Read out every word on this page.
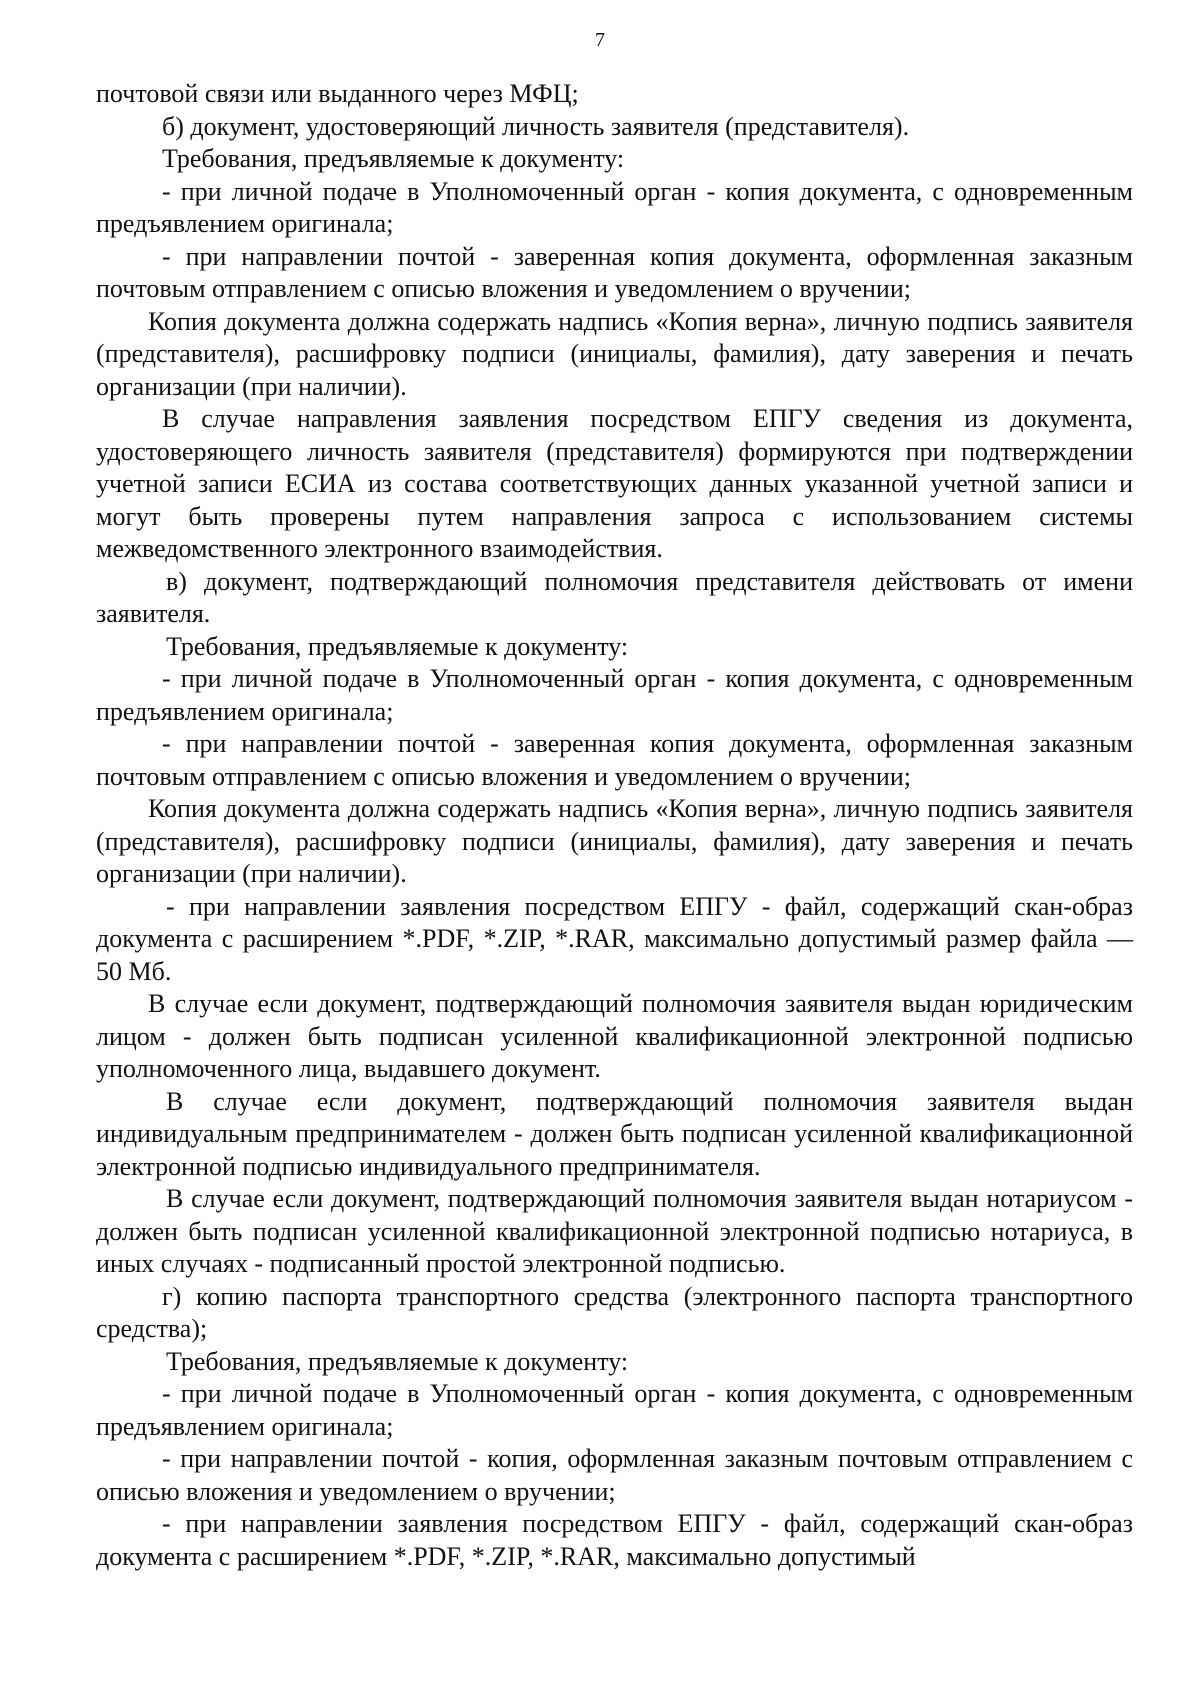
7

почтовой связи или выданного через МФЦ;

б) документ, удостоверяющий личность заявителя (представителя).

Требования, предъявляемые к документу:

- при личной подаче в Уполномоченный орган - копия документа, с одновременным предъявлением оригинала;

- при направлении почтой - заверенная копия документа, оформленная заказным почтовым отправлением с описью вложения и уведомлением о вручении;

Копия документа должна содержать надпись «Копия верна», личную подпись заявителя (представителя), расшифровку подписи (инициалы, фамилия), дату заверения и печать организации (при наличии).

В случае направления заявления посредством ЕПГУ сведения из документа, удостоверяющего личность заявителя (представителя) формируются при подтверждении учетной записи ЕСИА из состава соответствующих данных указанной учетной записи и могут быть проверены путем направления запроса с использованием системы межведомственного электронного взаимодействия.

в) документ, подтверждающий полномочия представителя действовать от имени заявителя.

Требования, предъявляемые к документу:

- при личной подаче в Уполномоченный орган - копия документа, с одновременным предъявлением оригинала;

- при направлении почтой - заверенная копия документа, оформленная заказным почтовым отправлением с описью вложения и уведомлением о вручении;

Копия документа должна содержать надпись «Копия верна», личную подпись заявителя (представителя), расшифровку подписи (инициалы, фамилия), дату заверения и печать организации (при наличии).

- при направлении заявления посредством ЕПГУ - файл, содержащий скан-образ документа с расширением *.PDF, *.ZIP, *.RAR, максимально допустимый размер файла — 50 Мб.

В случае если документ, подтверждающий полномочия заявителя выдан юридическим лицом - должен быть подписан усиленной квалификационной электронной подписью уполномоченного лица, выдавшего документ.

В случае если документ, подтверждающий полномочия заявителя выдан индивидуальным предпринимателем - должен быть подписан усиленной квалификационной электронной подписью индивидуального предпринимателя.

В случае если документ, подтверждающий полномочия заявителя выдан нотариусом - должен быть подписан усиленной квалификационной электронной подписью нотариуса, в иных случаях - подписанный простой электронной подписью.

г) копию паспорта транспортного средства (электронного паспорта транспортного средства);

Требования, предъявляемые к документу:

- при личной подаче в Уполномоченный орган - копия документа, с одновременным предъявлением оригинала;

- при направлении почтой - копия, оформленная заказным почтовым отправлением с описью вложения и уведомлением о вручении;

- при направлении заявления посредством ЕПГУ - файл, содержащий скан-образ документа с расширением *.PDF, *.ZIP, *.RAR, максимально допустимый
